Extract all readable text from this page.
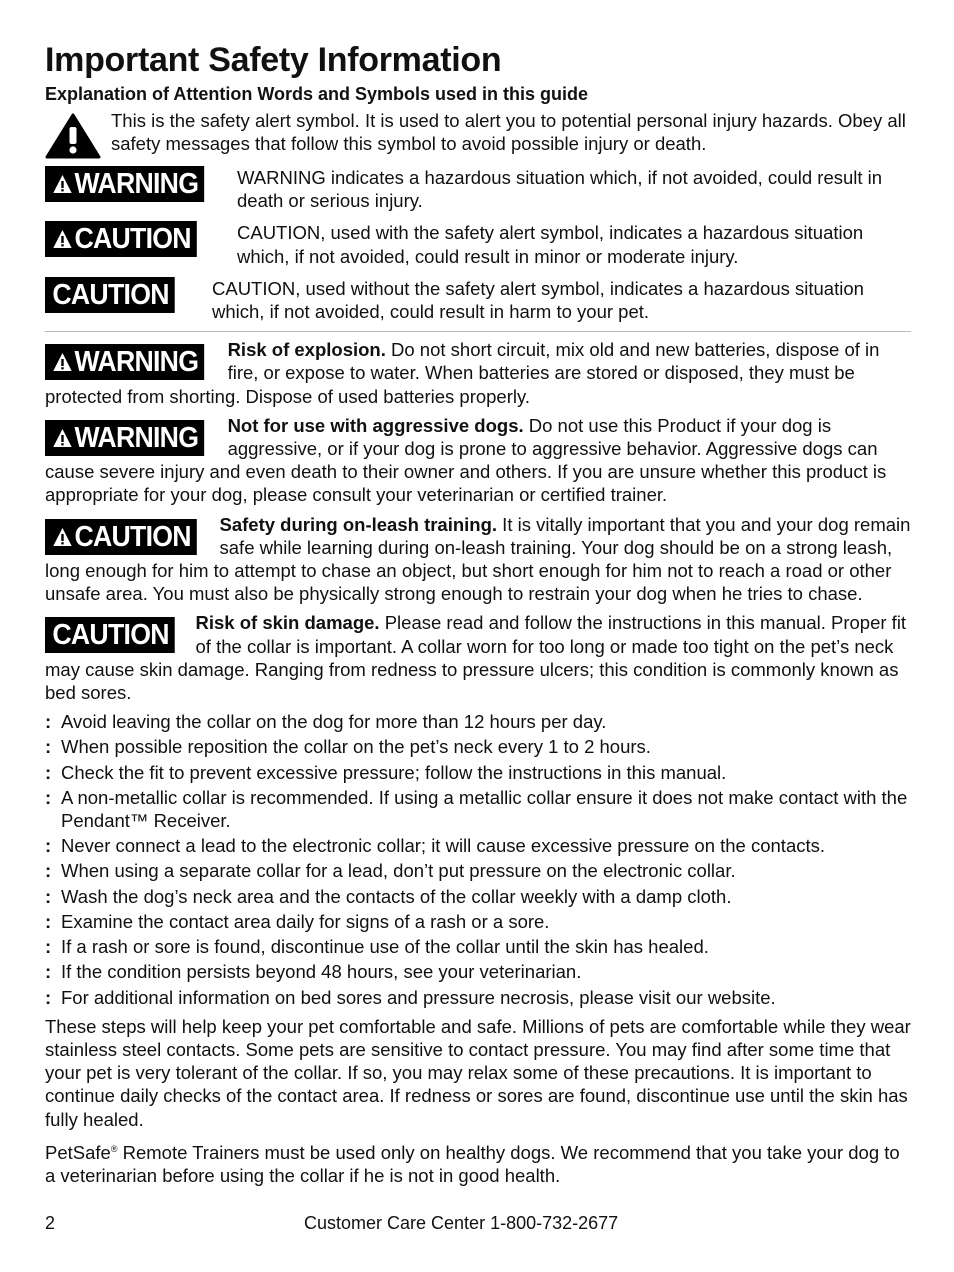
Important Safety Information
Explanation of Attention Words and Symbols used in this guide
This is the safety alert symbol. It is used to alert you to potential personal injury hazards. Obey all safety messages that follow this symbol to avoid possible injury or death.
WARNING WARNING indicates a hazardous situation which, if not avoided, could result in death or serious injury.
CAUTION CAUTION, used with the safety alert symbol, indicates a hazardous situation which, if not avoided, could result in minor or moderate injury.
CAUTION CAUTION, used without the safety alert symbol, indicates a hazardous situation which, if not avoided, could result in harm to your pet.
WARNING Risk of explosion. Do not short circuit, mix old and new batteries, dispose of in fire, or expose to water. When batteries are stored or disposed, they must be protected from shorting. Dispose of used batteries properly.
WARNING Not for use with aggressive dogs. Do not use this Product if your dog is aggressive, or if your dog is prone to aggressive behavior. Aggressive dogs can cause severe injury and even death to their owner and others. If you are unsure whether this product is appropriate for your dog, please consult your veterinarian or certified trainer.
CAUTION Safety during on-leash training. It is vitally important that you and your dog remain safe while learning during on-leash training. Your dog should be on a strong leash, long enough for him to attempt to chase an object, but short enough for him not to reach a road or other unsafe area. You must also be physically strong enough to restrain your dog when he tries to chase.
CAUTION Risk of skin damage. Please read and follow the instructions in this manual. Proper fit of the collar is important. A collar worn for too long or made too tight on the pet’s neck may cause skin damage. Ranging from redness to pressure ulcers; this condition is commonly known as bed sores.
: Avoid leaving the collar on the dog for more than 12 hours per day.
: When possible reposition the collar on the pet’s neck every 1 to 2 hours.
: Check the fit to prevent excessive pressure; follow the instructions in this manual.
: A non-metallic collar is recommended. If using a metallic collar ensure it does not make contact with the Pendant™ Receiver.
: Never connect a lead to the electronic collar; it will cause excessive pressure on the contacts.
: When using a separate collar for a lead, don’t put pressure on the electronic collar.
: Wash the dog’s neck area and the contacts of the collar weekly with a damp cloth.
: Examine the contact area daily for signs of a rash or a sore.
: If a rash or sore is found, discontinue use of the collar until the skin has healed.
: If the condition persists beyond 48 hours, see your veterinarian.
: For additional information on bed sores and pressure necrosis, please visit our website.
These steps will help keep your pet comfortable and safe. Millions of pets are comfortable while they wear stainless steel contacts. Some pets are sensitive to contact pressure. You may find after some time that your pet is very tolerant of the collar. If so, you may relax some of these precautions. It is important to continue daily checks of the contact area. If redness or sores are found, discontinue use until the skin has fully healed.
PetSafe® Remote Trainers must be used only on healthy dogs. We recommend that you take your dog to a veterinarian before using the collar if he is not in good health.
2	Customer Care Center 1-800-732-2677
